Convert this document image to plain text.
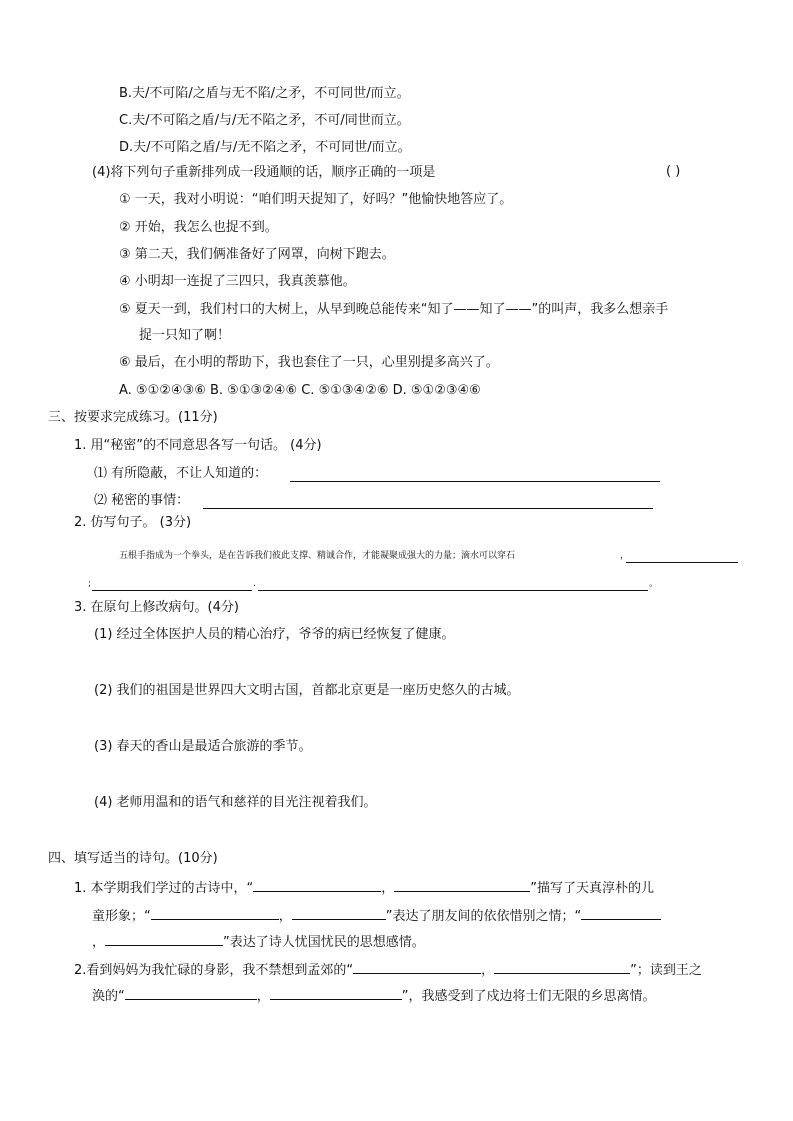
B.夫/不可陷/之盾与无不陷/之矛，不可同世/而立。
C.夫/不可陷之盾/与/无不陷之矛，不可/同世而立。
D.夫/不可陷之盾/与/无不陷之矛，不可同世/而立。
(4)将下列句子重新排列成一段通顺的话，顺序正确的一项是	( )
① 一天，我对小明说：“咱们明天捉知了，好吗？”他愉快地答应了。
② 开始，我怎么也捉不到。
③ 第二天，我们俩准备好了网罩，向树下跑去。
④ 小明却一连捉了三四只，我真羡慕他。
⑤ 夏天一到，我们村口的大树上，从早到晚总能传来“知了——知了——”的叫声，我多么想亲手
捉一只知了啊！
⑥ 最后，在小明的帮助下，我也套住了一只，心里别提多高兴了。
A. ⑤①②④③⑥ B. ⑤①③②④⑥ C. ⑤①③④②⑥ D. ⑤①②③④⑥
三、按要求完成练习。(11分)
1. 用“秘密”的不同意思各写一句话。 (4分)
⑴ 有所隐蔽，不让人知道的：
⑵ 秘密的事情：
2. 仿写句子。 (3分)
五根手指成为一个拳头，是在告诉我们彼此支撑、精诚合作，才能凝聚成强大的力量；滴水可以穿石	，
;	.	。
3. 在原句上修改病句。(4分)
(1) 经过全体医护人员的精心治疗，爷爷的病已经恢复了健康。
(2) 我们的祖国是世界四大文明古国，首都北京更是一座历史悠久的古城。
(3) 春天的香山是最适合旅游的季节。
(4) 老师用温和的语气和慈祥的目光注视着我们。
四、填写适当的诗句。(10分)
1. 本学期我们学过的古诗中，“	，	”描写了天真淳朴的儿
童形象；“	，	”表达了朋友间的依依惜别之情；“
，	”表达了诗人忧国忧民的思想感情。
2.看到妈妈为我忙碌的身影，我不禁想到孟郊的“	，	”；读到王之
涣的“	，	”，我感受到了戍边将士们无限的乡思离情。
